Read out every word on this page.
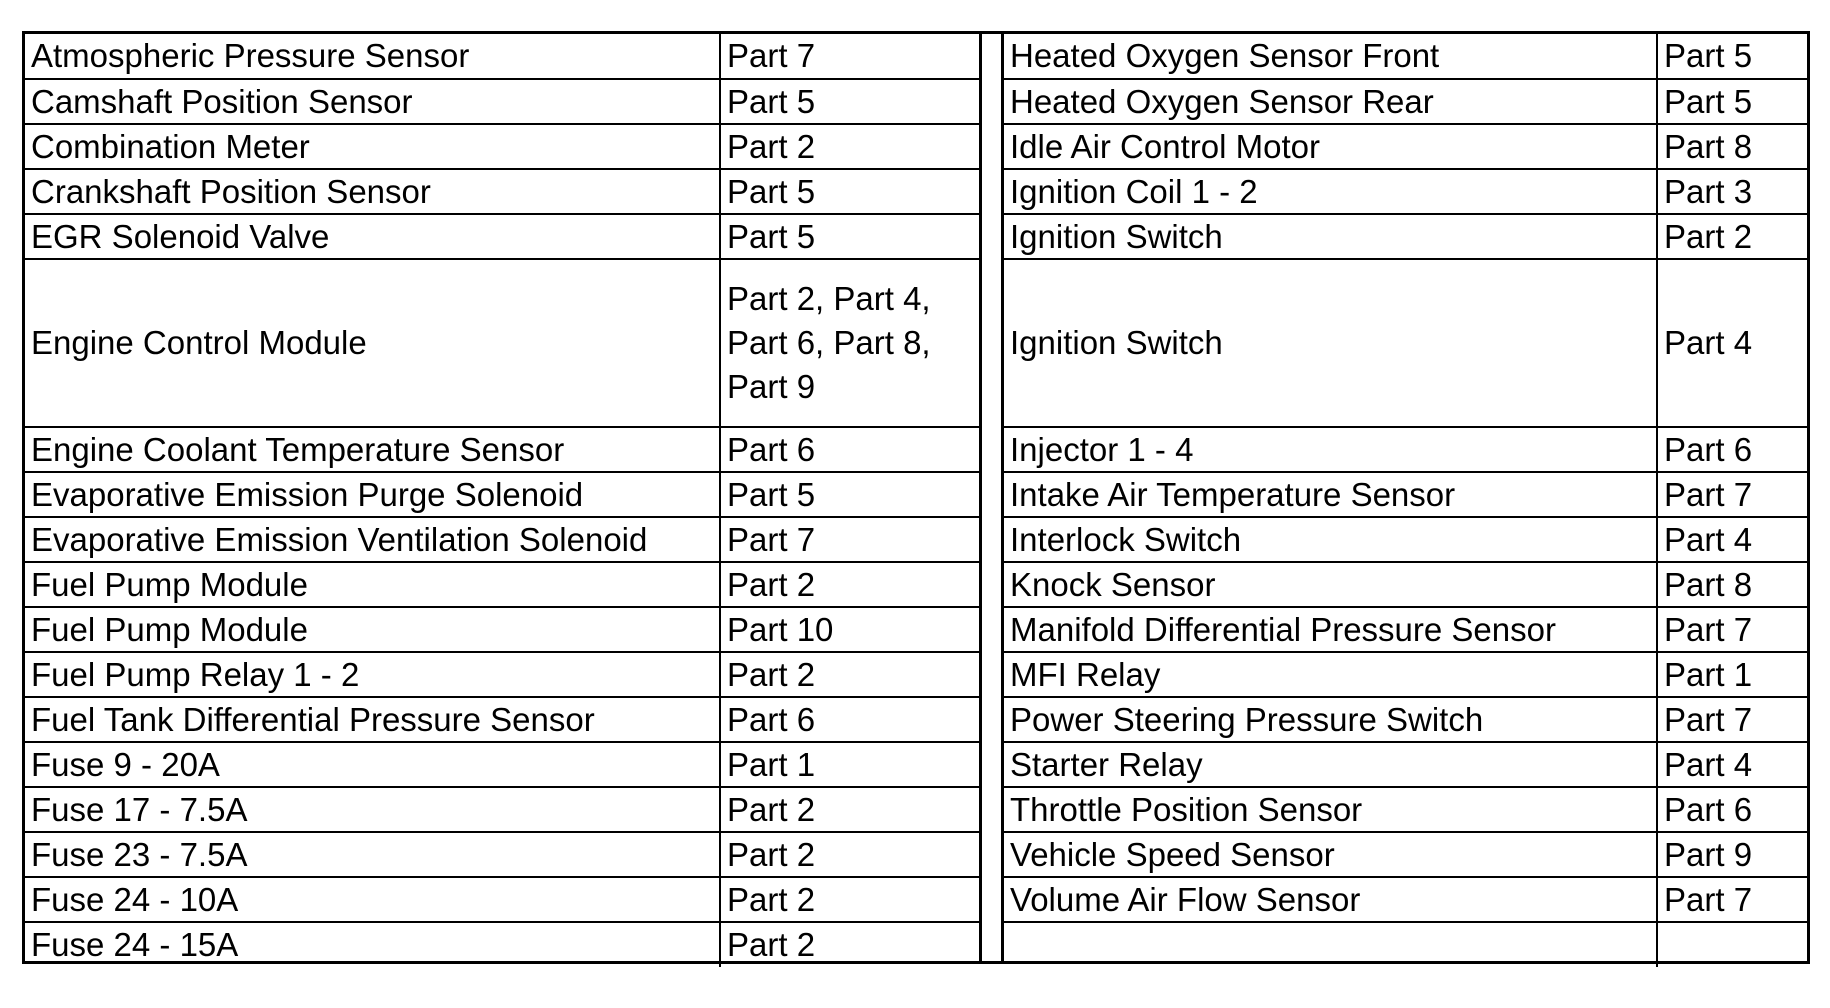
Atmospheric Pressure Sensor	Part 7
Camshaft Position Sensor	Part 5
Combination Meter	Part 2
Crankshaft Position Sensor	Part 5
EGR Solenoid Valve	Part 5
Engine Control Module	Part 2, Part 4,
Part 6, Part 8,
Part 9

Engine Coolant Temperature Sensor	Part 6
Evaporative Emission Purge Solenoid	Part 5
Evaporative Emission Ventilation Solenoid	Part 7
Fuel Pump Module	Part 2
Fuel Pump Module	Part 10
Fuel Pump Relay 1 - 2	Part 2
Fuel Tank Differential Pressure Sensor	Part 6
Fuse 9 - 20A	Part 1
Fuse 17 - 7.5A	Part 2
Fuse 23 - 7.5A	Part 2
Fuse 24 - 10A	Part 2
Fuse 24 - 15A	Part 2
Heated Oxygen Sensor Front	Part 5
Heated Oxygen Sensor Rear	Part 5
Idle Air Control Motor	Part 8
Ignition Coil 1 - 2	Part 3
Ignition Switch	Part 2
Ignition Switch	Part 4
Injector 1 - 4	Part 6
Intake Air Temperature Sensor	Part 7
Interlock Switch	Part 4
Knock Sensor	Part 8
Manifold Differential Pressure Sensor	Part 7
MFI Relay	Part 1
Power Steering Pressure Switch	Part 7
Starter Relay	Part 4
Throttle Position Sensor	Part 6
Vehicle Speed Sensor	Part 9
Volume Air Flow Sensor	Part 7
